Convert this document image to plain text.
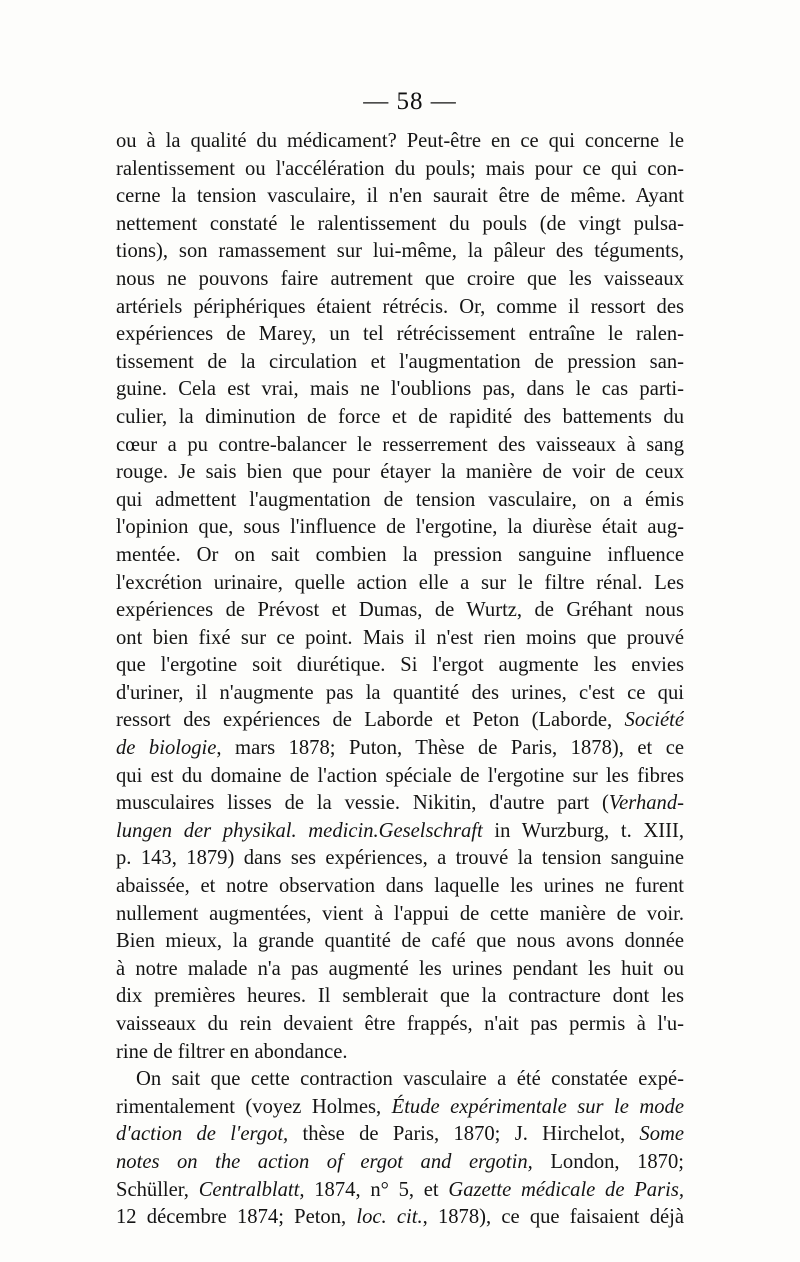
— 58 —
ou à la qualité du médicament? Peut-être en ce qui concerne le
ralentissement ou l'accélération du pouls; mais pour ce qui con-
cerne la tension vasculaire, il n'en saurait être de même. Ayant
nettement constaté le ralentissement du pouls (de vingt pulsa-
tions), son ramassement sur lui-même, la pâleur des téguments,
nous ne pouvons faire autrement que croire que les vaisseaux
artériels périphériques étaient rétrécis. Or, comme il ressort des
expériences de Marey, un tel rétrécissement entraîne le ralen-
tissement de la circulation et l'augmentation de pression san-
guine. Cela est vrai, mais ne l'oublions pas, dans le cas parti-
culier, la diminution de force et de rapidité des battements du
cœur a pu contre-balancer le resserrement des vaisseaux à sang
rouge. Je sais bien que pour étayer la manière de voir de ceux
qui admettent l'augmentation de tension vasculaire, on a émis
l'opinion que, sous l'influence de l'ergotine, la diurèse était aug-
mentée. Or on sait combien la pression sanguine influence
l'excrétion urinaire, quelle action elle a sur le filtre rénal. Les
expériences de Prévost et Dumas, de Wurtz, de Gréhant nous
ont bien fixé sur ce point. Mais il n'est rien moins que prouvé
que l'ergotine soit diurétique. Si l'ergot augmente les envies
d'uriner, il n'augmente pas la quantité des urines, c'est ce qui
ressort des expériences de Laborde et Peton (Laborde, Société
de biologie, mars 1878; Puton, Thèse de Paris, 1878), et ce
qui est du domaine de l'action spéciale de l'ergotine sur les fibres
musculaires lisses de la vessie. Nikitin, d'autre part (Verhand-
lungen der physikal. medicin.Geselschraft in Wurzburg, t. XIII,
p. 143, 1879) dans ses expériences, a trouvé la tension sanguine
abaissée, et notre observation dans laquelle les urines ne furent
nullement augmentées, vient à l'appui de cette manière de voir.
Bien mieux, la grande quantité de café que nous avons donnée
à notre malade n'a pas augmenté les urines pendant les huit ou
dix premières heures. Il semblerait que la contracture dont les
vaisseaux du rein devaient être frappés, n'ait pas permis à l'u-
rine de filtrer en abondance.
On sait que cette contraction vasculaire a été constatée expé-
rimentalement (voyez Holmes, Étude expérimentale sur le mode
d'action de l'ergot, thèse de Paris, 1870; J. Hirchelot, Some
notes on the action of ergot and ergotin, London, 1870;
Schüller, Centralblatt, 1874, n° 5, et Gazette médicale de Paris,
12 décembre 1874; Peton, loc. cit., 1878), ce que faisaient déjà
